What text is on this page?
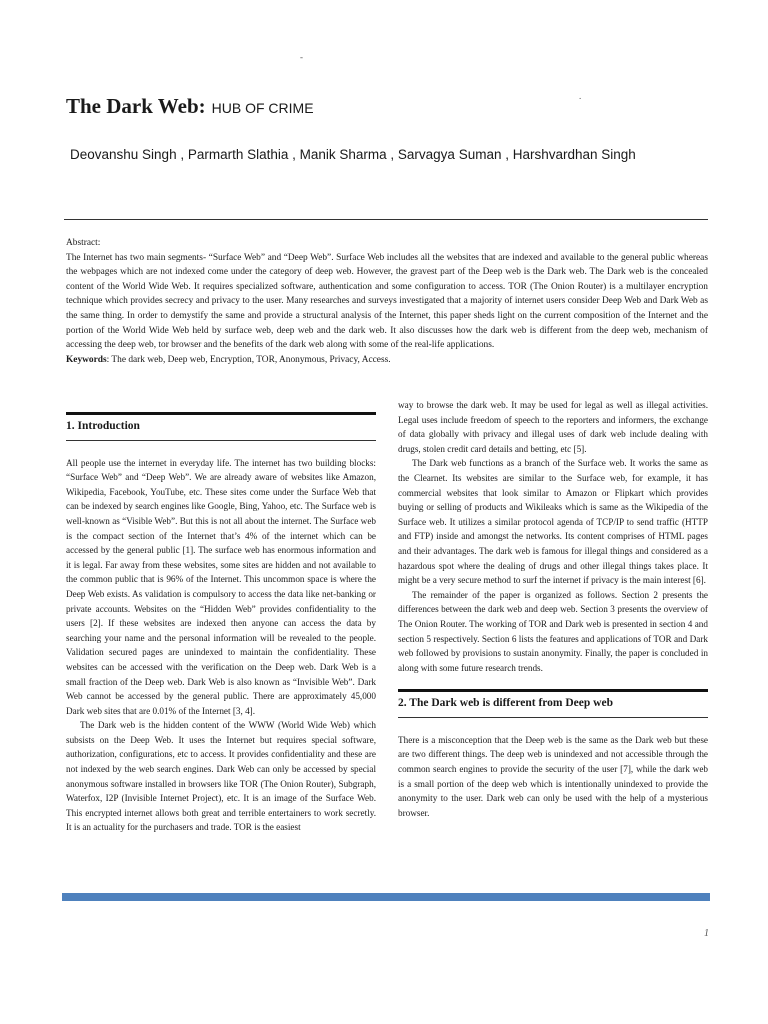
-
.
The Dark Web: HUB OF CRIME
Deovanshu Singh , Parmarth Slathia , Manik Sharma , Sarvagya Suman , Harshvardhan Singh

Abstract:

The Internet has two main segments- “Surface Web” and “Deep Web”. Surface Web includes all the websites that are indexed and available to the general public whereas the webpages which are not indexed come under the category of deep web. However, the gravest part of the Deep web is the Dark web. The Dark web is the concealed content of the World Wide Web. It requires specialized software, authentication and some configuration to access. TOR (The Onion Router) is a multilayer encryption technique which provides secrecy and privacy to the user. Many researches and surveys investigated that a majority of internet users consider Deep Web and Dark Web as the same thing. In order to demystify the same and provide a structural analysis of the Internet, this paper sheds light on the current composition of the Internet and the portion of the World Wide Web held by surface web, deep web and the dark web. It also discusses how the dark web is different from the deep web, mechanism of accessing the deep web, tor browser and the benefits of the dark web along with some of the real-life applications.

Keywords: The dark web, Deep web, Encryption, TOR, Anonymous, Privacy, Access.

1. Introduction

All people use the internet in everyday life. The internet has two building blocks: “Surface Web” and “Deep Web”. We are already aware of websites like Amazon, Wikipedia, Facebook, YouTube, etc. These sites come under the Surface Web that can be indexed by search engines like Google, Bing, Yahoo, etc. The Surface web is well-known as “Visible Web”. But this is not all about the internet. The Surface web is the compact section of the Internet that’s 4% of the internet which can be accessed by the general public [1]. The surface web has enormous information and it is legal. Far away from these websites, some sites are hidden and not available to the common public that is 96% of the Internet. This uncommon space is where the Deep Web exists. As validation is compulsory to access the data like net-banking or private accounts. Websites on the “Hidden Web” provides confidentiality to the users [2]. If these websites are indexed then anyone can access the data by searching your name and the personal information will be revealed to the people. Validation secured pages are unindexed to maintain the confidentiality. These websites can be accessed with the verification on the Deep web. Dark Web is a small fraction of the Deep web. Dark Web is also known as “Invisible Web”. Dark Web cannot be accessed by the general public. There are approximately 45,000 Dark web sites that are 0.01% of the Internet [3, 4].

The Dark web is the hidden content of the WWW (World Wide Web) which subsists on the Deep Web. It uses the Internet but requires special software, authorization, configurations, etc to access. It provides confidentiality and these are not indexed by the web search engines. Dark Web can only be accessed by special anonymous software installed in browsers like TOR (The Onion Router), Subgraph, Waterfox, I2P (Invisible Internet Project), etc. It is an image of the Surface Web. This encrypted internet allows both great and terrible entertainers to work secretly. It is an actuality for the purchasers and trade. TOR is the easiest

way to browse the dark web. It may be used for legal as well as illegal activities. Legal uses include freedom of speech to the reporters and informers, the exchange of data globally with privacy and illegal uses of dark web include dealing with drugs, stolen credit card details and betting, etc [5].

The Dark web functions as a branch of the Surface web. It works the same as the Clearnet. Its websites are similar to the Surface web, for example, it has commercial websites that look similar to Amazon or Flipkart which provides buying or selling of products and Wikileaks which is same as the Wikipedia of the Surface web. It utilizes a similar protocol agenda of TCP/IP to send traffic (HTTP and FTP) inside and amongst the networks. Its content comprises of HTML pages and their advantages. The dark web is famous for illegal things and considered as a hazardous spot where the dealing of drugs and other illegal things takes place. It might be a very secure method to surf the internet if privacy is the main interest [6].

The remainder of the paper is organized as follows. Section 2 presents the differences between the dark web and deep web. Section 3 presents the overview of The Onion Router. The working of TOR and Dark web is presented in section 4 and section 5 respectively. Section 6 lists the features and applications of TOR and Dark web followed by provisions to sustain anonymity. Finally, the paper is concluded in along with some future research trends.

2. The Dark web is different from Deep web

There is a misconception that the Deep web is the same as the Dark web but these are two different things. The deep web is unindexed and not accessible through the common search engines to provide the security of the user [7], while the dark web is a small portion of the deep web which is intentionally unindexed to provide the anonymity to the user. Dark web can only be used with the help of a mysterious browser.

1
